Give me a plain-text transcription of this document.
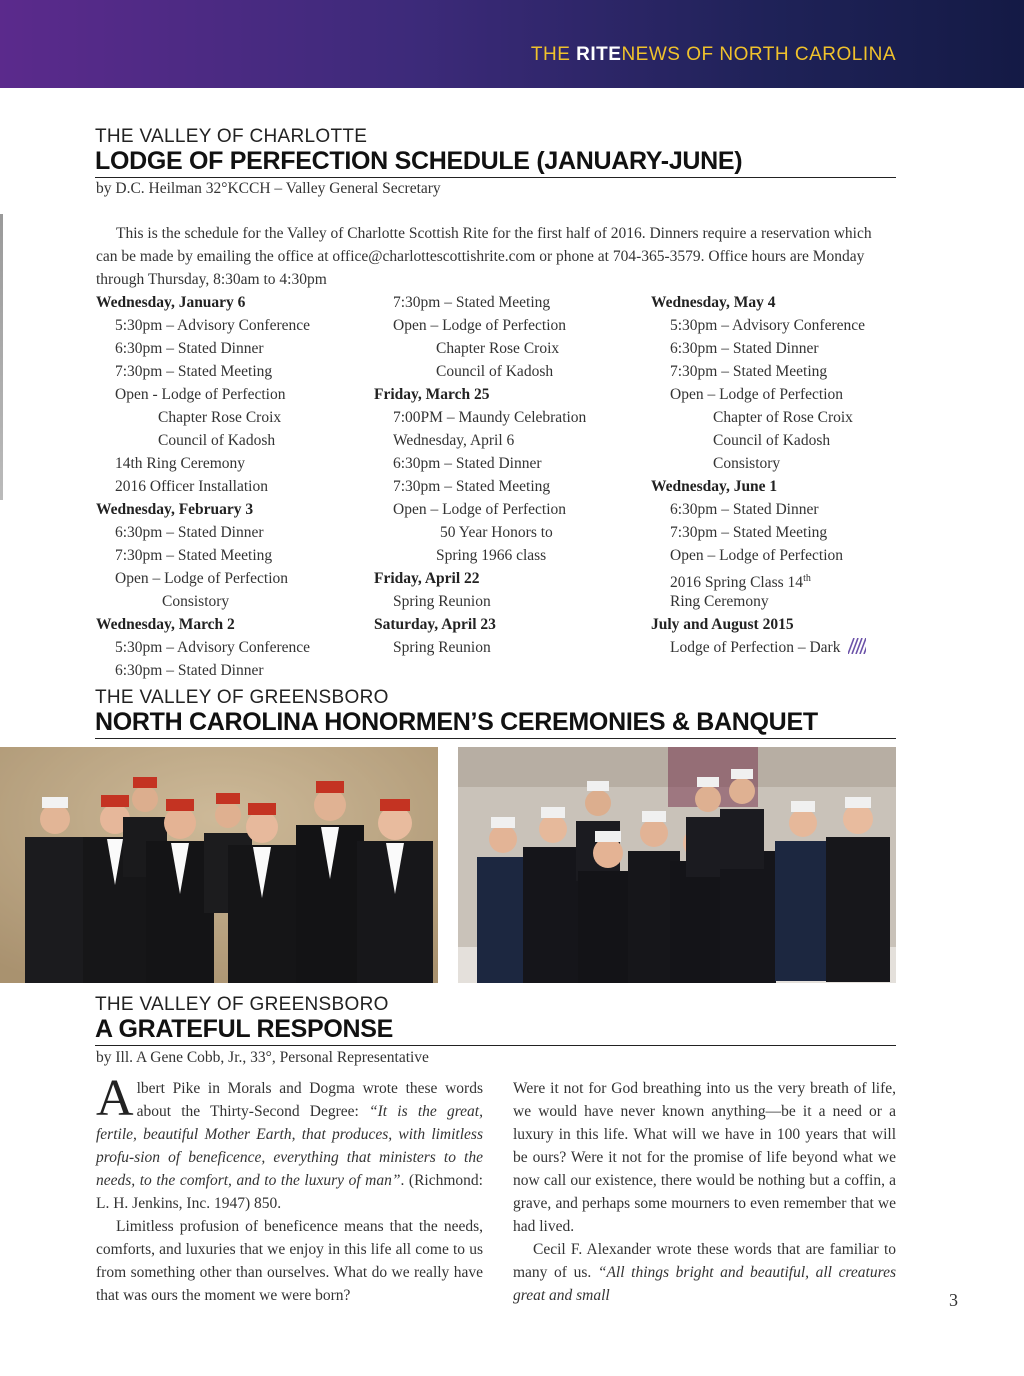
THE RITENEWS OF NORTH CAROLINA
THE VALLEY OF CHARLOTTE
LODGE OF PERFECTION SCHEDULE (JANUARY-JUNE)
by D.C. Heilman 32°KCCH – Valley General Secretary
This is the schedule for the Valley of Charlotte Scottish Rite for the first half of 2016. Dinners require a reservation which can be made by emailing the office at office@charlottescottishrite.com or phone at 704-365-3579. Office hours are Monday through Thursday, 8:30am to 4:30pm
Wednesday, January 6
5:30pm – Advisory Conference
6:30pm – Stated Dinner
7:30pm – Stated Meeting
Open - Lodge of Perfection
Chapter Rose Croix
Council of Kadosh
14th Ring Ceremony
2016 Officer Installation
Wednesday, February 3
6:30pm – Stated Dinner
7:30pm – Stated Meeting
Open – Lodge of Perfection
Consistory
Wednesday, March 2
5:30pm – Advisory Conference
6:30pm – Stated Dinner
7:30pm – Stated Meeting
Open – Lodge of Perfection
Chapter Rose Croix
Council of Kadosh
Friday, March 25
7:00PM – Maundy Celebration
Wednesday, April 6
6:30pm – Stated Dinner
7:30pm – Stated Meeting
Open – Lodge of Perfection
50 Year Honors to
Spring 1966 class
Friday, April 22
Spring Reunion
Saturday, April 23
Spring Reunion
Wednesday, May 4
5:30pm – Advisory Conference
6:30pm – Stated Dinner
7:30pm – Stated Meeting
Open – Lodge of Perfection
Chapter of Rose Croix
Council of Kadosh
Consistory
Wednesday, June 1
6:30pm – Stated Dinner
7:30pm – Stated Meeting
Open – Lodge of Perfection
2016 Spring Class 14th
Ring Ceremony
July and August 2015
Lodge of Perfection – Dark
THE VALLEY OF GREENSBORO
NORTH CAROLINA HONORMEN’S CEREMONIES & BANQUET
THE VALLEY OF GREENSBORO
A GRATEFUL RESPONSE
by Ill. A Gene Cobb, Jr., 33°, Personal Representative

Albert Pike in Morals and Dogma wrote these words about the Thirty-Second Degree: “It is the great, fertile, beautiful Mother Earth, that produces, with limitless profu-sion of beneficence, everything that ministers to the needs, to the comfort, and to the luxury of man”. (Richmond: L. H. Jenkins, Inc. 1947) 850.

Limitless profusion of beneficence means that the needs, comforts, and luxuries that we enjoy in this life all come to us from something other than ourselves. What do we really have that was ours the moment we were born?

Were it not for God breathing into us the very breath of life, we would have never known anything—be it a need or a luxury in this life. What will we have in 100 years that will be ours? Were it not for the promise of life beyond what we now call our existence, there would be nothing but a coffin, a grave, and perhaps some mourners to even remember that we had lived.

Cecil F. Alexander wrote these words that are familiar to many of us. “All things bright and beautiful, all creatures great and small	3
